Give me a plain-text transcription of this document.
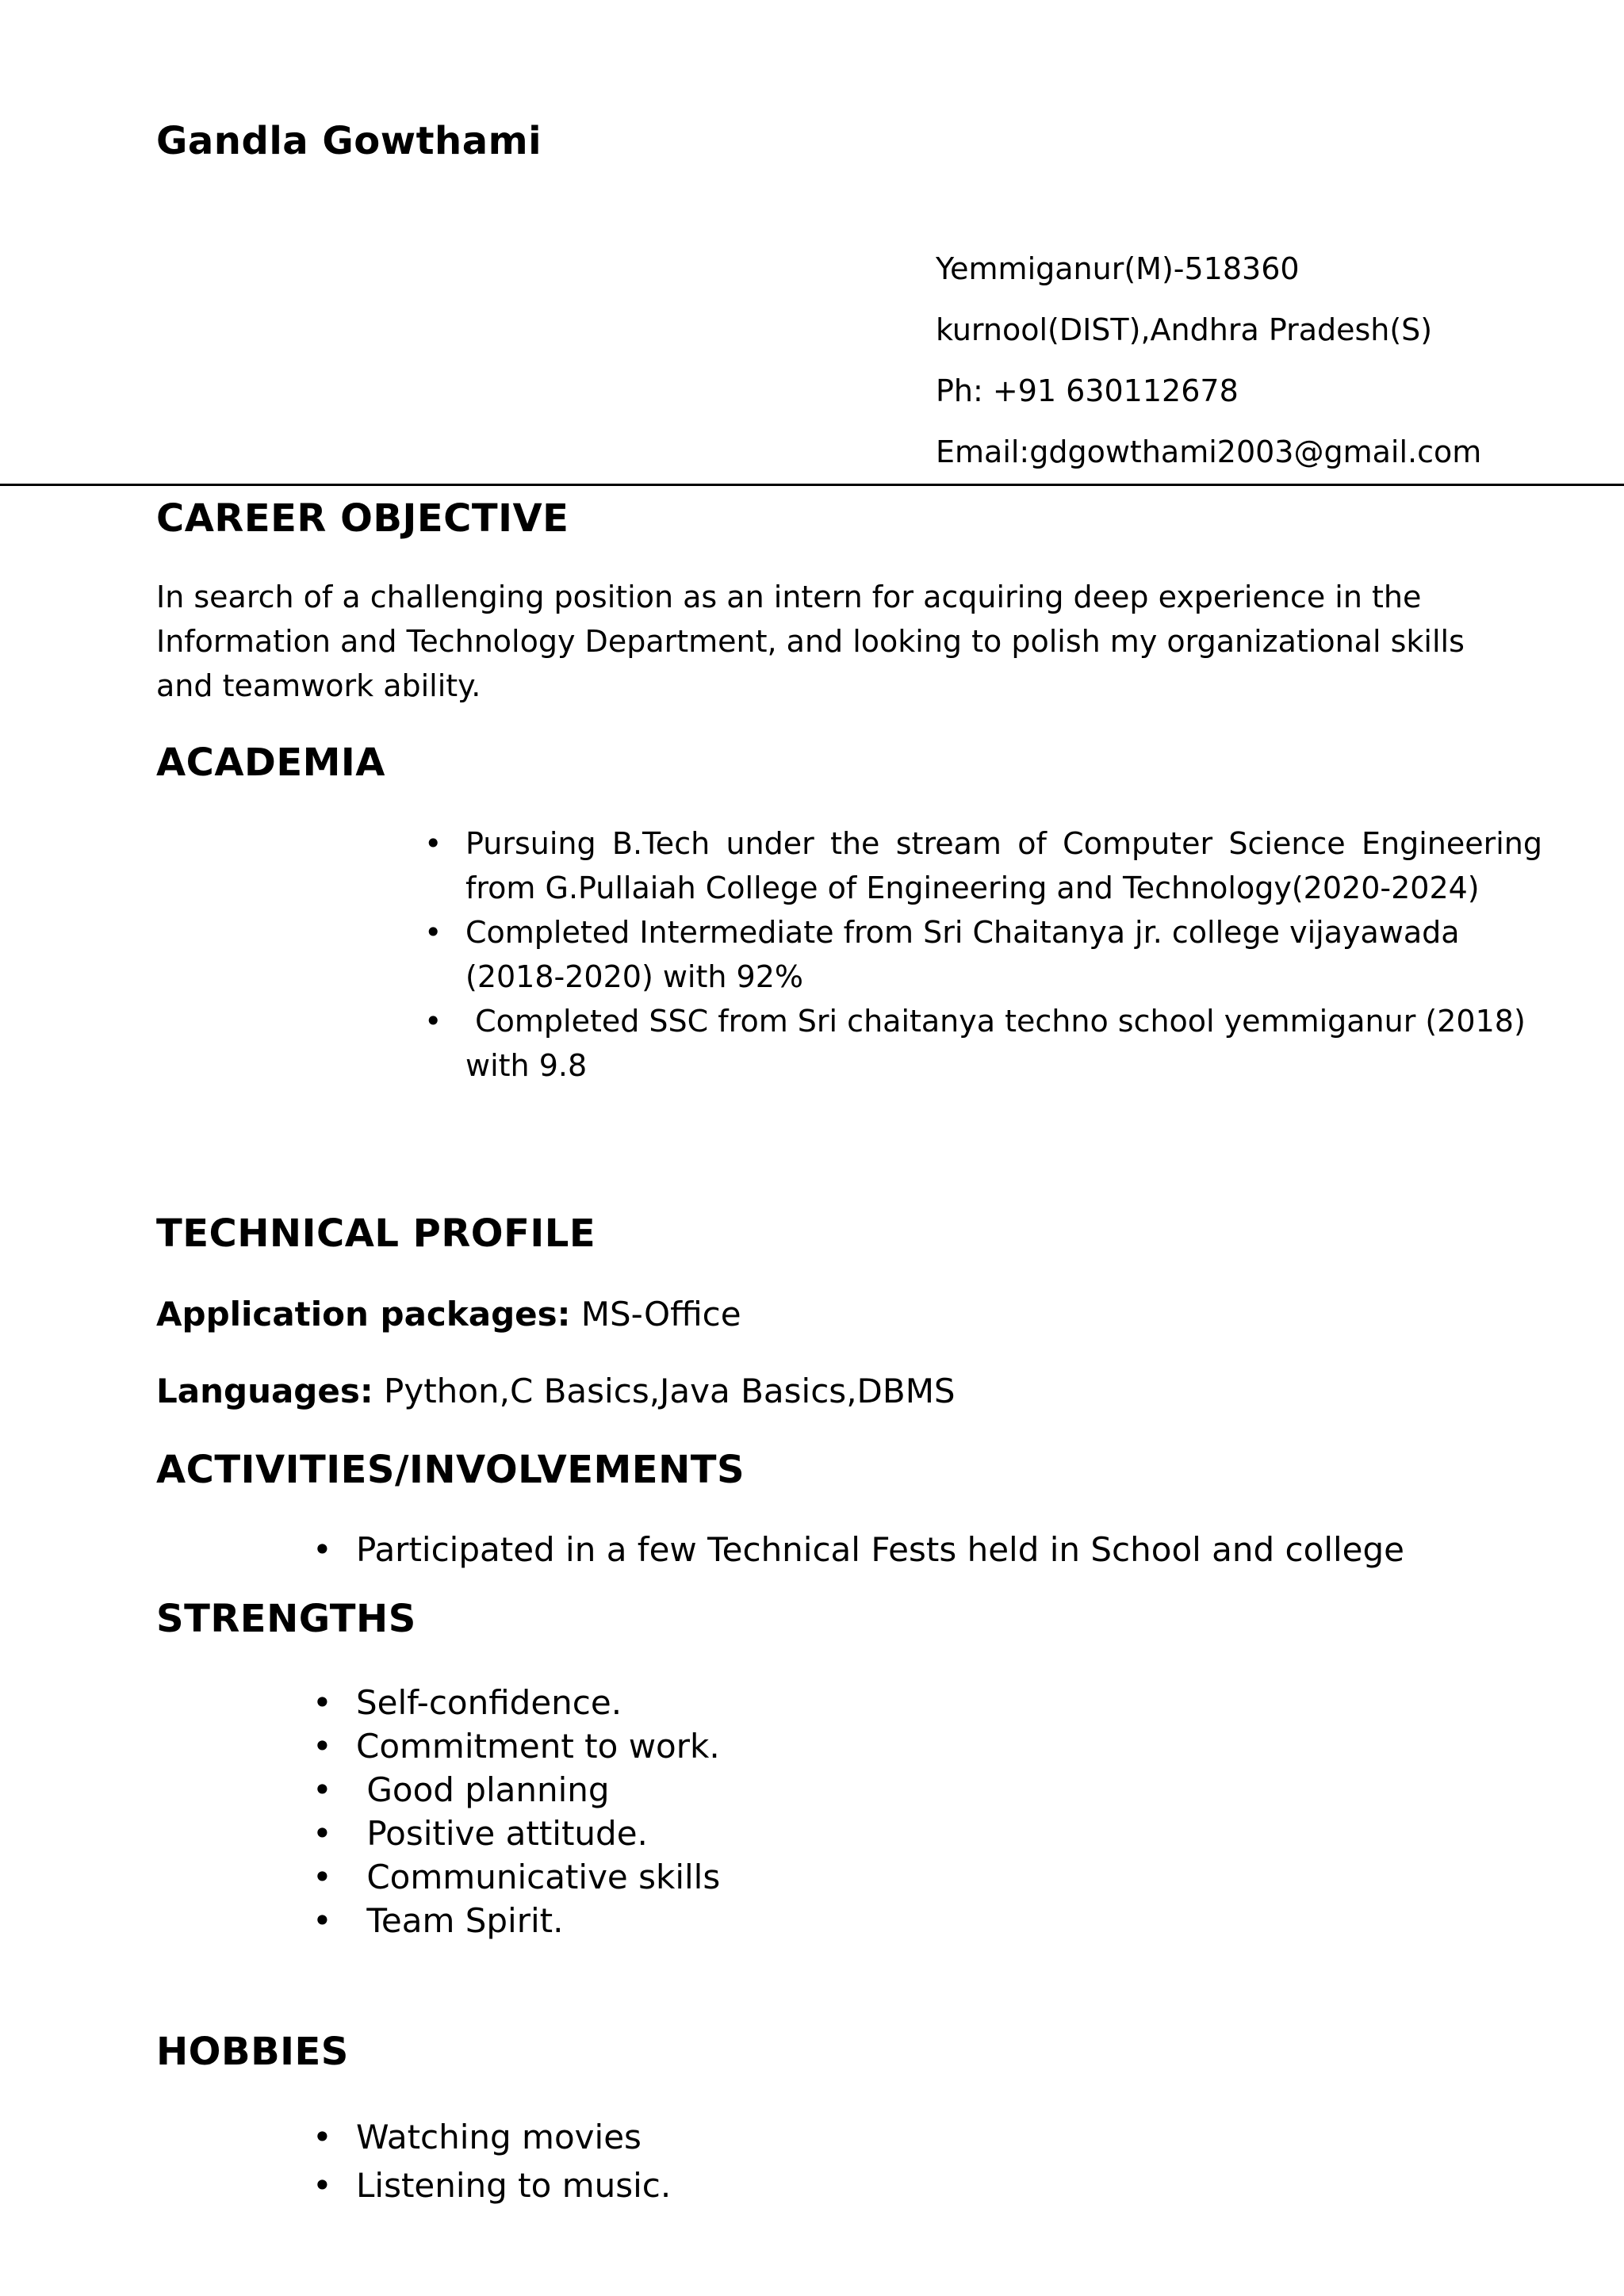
Gandla Gowthami
Yemmiganur(M)-518360
kurnool(DIST),Andhra Pradesh(S)
Ph: +91 630112678
Email:gdgowthami2003@gmail.com
CAREER OBJECTIVE
In search of a challenging position as an intern for acquiring deep experience in the Information and Technology Department, and looking to polish my organizational skills and teamwork ability.
ACADEMIA
• Pursuing B.Tech under the stream of Computer Science Engineering from G.Pullaiah College of Engineering and Technology(2020-2024)
• Completed Intermediate from Sri Chaitanya jr. college vijayawada (2018-2020) with 92%
•  Completed SSC from Sri chaitanya techno school yemmiganur (2018) with 9.8
TECHNICAL PROFILE
Application packages: MS-Office
Languages: Python,C Basics,Java Basics,DBMS
ACTIVITIES/INVOLVEMENTS
• Participated in a few Technical Fests held in School and college
STRENGTHS
• Self-confidence.
• Commitment to work.
•  Good planning
•  Positive attitude.
•  Communicative skills
•  Team Spirit.
HOBBIES
• Watching movies
• Listening to music.
